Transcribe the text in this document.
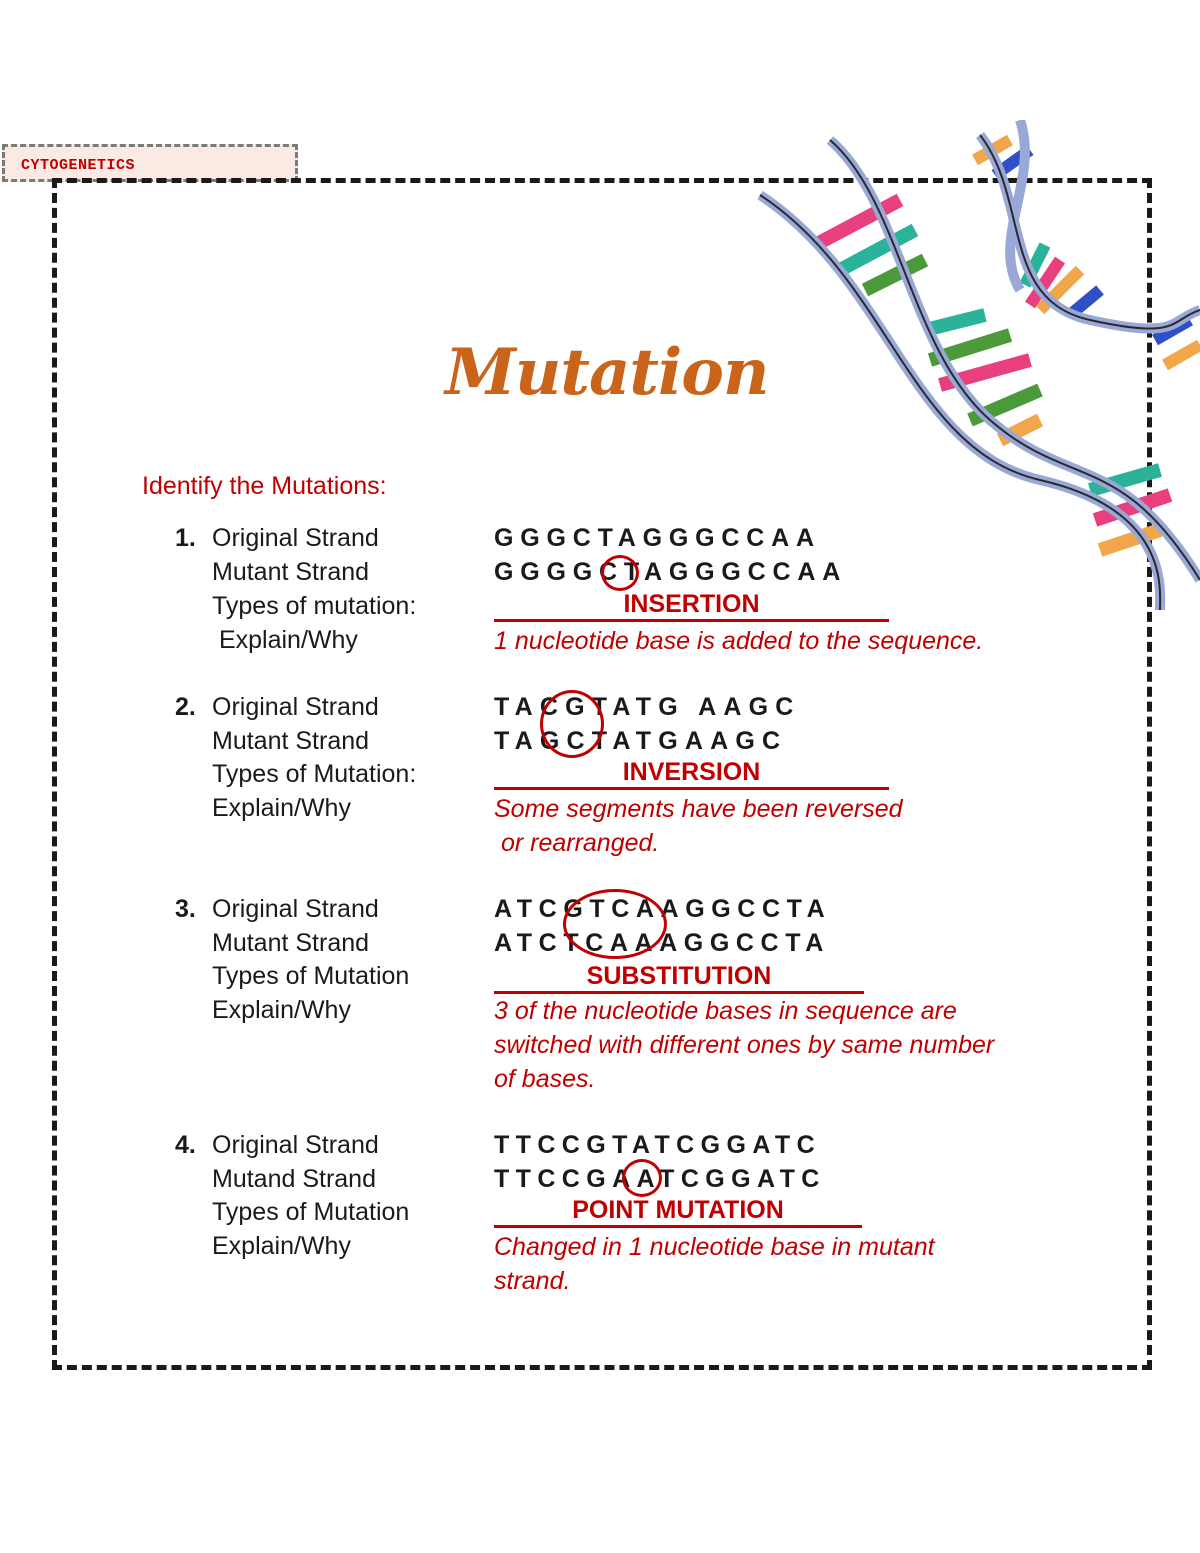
CYTOGENETICS
Mutation
Identify the Mutations:
1. Original Strand
Mutant Strand
Types of mutation:
Explain/Why
GGGCTAGGGCCAA
GGGGCTAGGGCCAA
INSERTION
1 nucleotide base is added to the sequence.
2. Original Strand
Mutant Strand
Types of Mutation:
Explain/Why
TACGTATG AAGC
TAGCTATGAAGC
INVERSION
Some segments have been reversed
or rearranged.
3. Original Strand
Mutant Strand
Types of Mutation
Explain/Why
ATCGTCAAGGCCTA
ATCTCAAAGGCCTA
SUBSTITUTION
3 of the nucleotide bases in sequence are
switched with different ones by same number
of bases.
4. Original Strand
Mutand Strand
Types of Mutation
Explain/Why
TTCCGTATCGGATC
TTCCGAATCGGATC
POINT MUTATION
Changed in 1 nucleotide base in mutant
strand.
